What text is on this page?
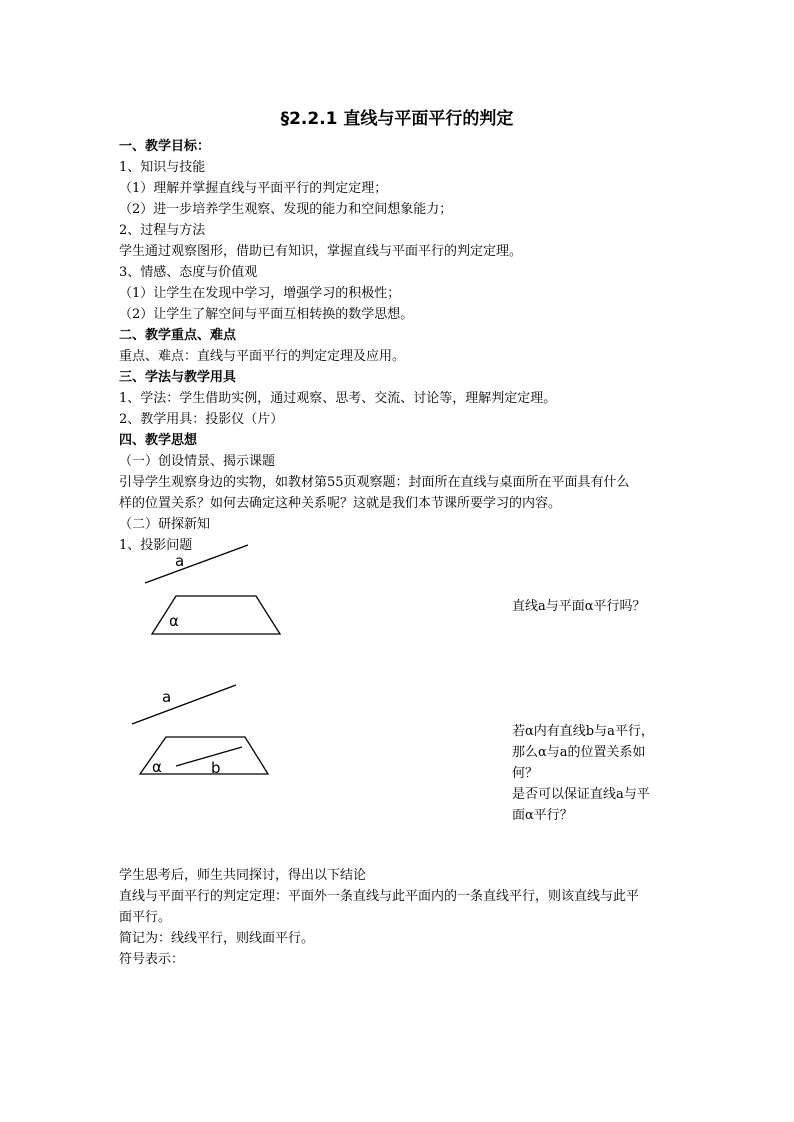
§2.2.1 直线与平面平行的判定
一、教学目标：
1、知识与技能
（1）理解并掌握直线与平面平行的判定定理；
（2）进一步培养学生观察、发现的能力和空间想象能力；
2、过程与方法
学生通过观察图形，借助已有知识，掌握直线与平面平行的判定定理。
3、情感、态度与价值观
（1）让学生在发现中学习，增强学习的积极性；
（2）让学生了解空间与平面互相转换的数学思想。
二、教学重点、难点
重点、难点：直线与平面平行的判定定理及应用。
三、学法与教学用具
1、学法：学生借助实例，通过观察、思考、交流、讨论等，理解判定定理。
2、教学用具：投影仪（片）
四、教学思想
（一）创设情景、揭示课题
引导学生观察身边的实物，如教材第55页观察题：封面所在直线与桌面所在平面具有什么
样的位置关系？如何去确定这种关系呢？这就是我们本节课所要学习的内容。
（二）研探新知
1、投影问题
a
α
直线a与平面α平行吗？
a
α	b
若α内有直线b与a平行，
那么α与a的位置关系如
何？
是否可以保证直线a与平
面α平行？
学生思考后，师生共同探讨，得出以下结论
直线与平面平行的判定定理：平面外一条直线与此平面内的一条直线平行，则该直线与此平
面平行。
简记为：线线平行，则线面平行。
符号表示：
